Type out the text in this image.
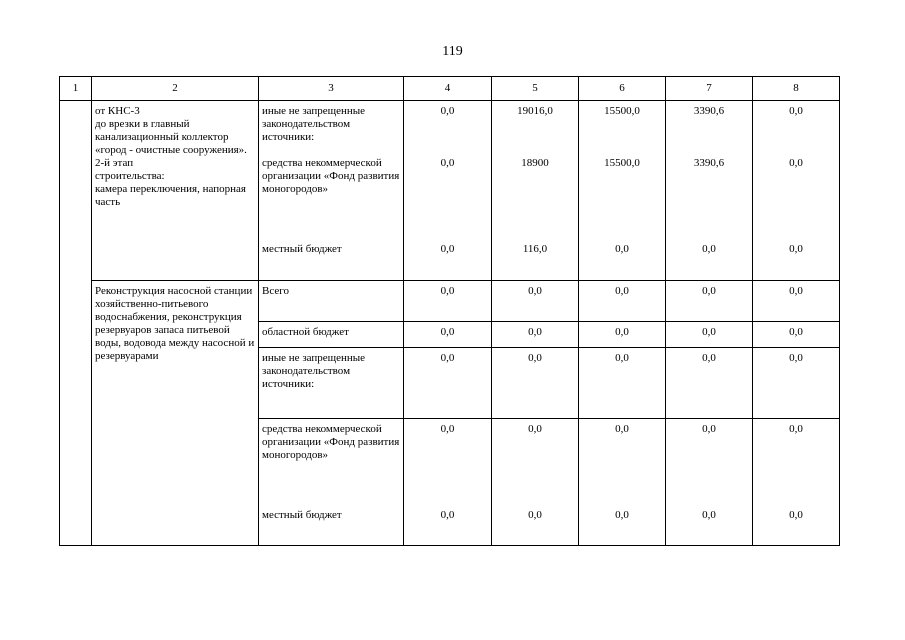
119
1	2	3	4	5	6	7	8

	от КНС-3
до врезки в главный канализационный коллектор «город - очистные сооружения».
2-й этап
строительства:
камера переключения, напорная часть	иные не запрещенные законодательством источники:	0,0	19016,0	15500,0	3390,6	0,0

		средства некоммерческой организации «Фонд развития моногородов»	0,0	18900	15500,0	3390,6	0,0

		местный бюджет	0,0	116,0	0,0	0,0	0,0

	Реконструкция насосной станции хозяйственно-питьевого водоснабжения, реконструкция резервуаров запаса питьевой воды, водовода между насосной и резервуарами	Всего	0,0	0,0	0,0	0,0	0,0

		областной бюджет	0,0	0,0	0,0	0,0	0,0

		иные не запрещенные законодательством источники:	0,0	0,0	0,0	0,0	0,0

		средства некоммерческой организации «Фонд развития моногородов»	0,0	0,0	0,0	0,0	0,0

		местный бюджет	0,0	0,0	0,0	0,0	0,0
